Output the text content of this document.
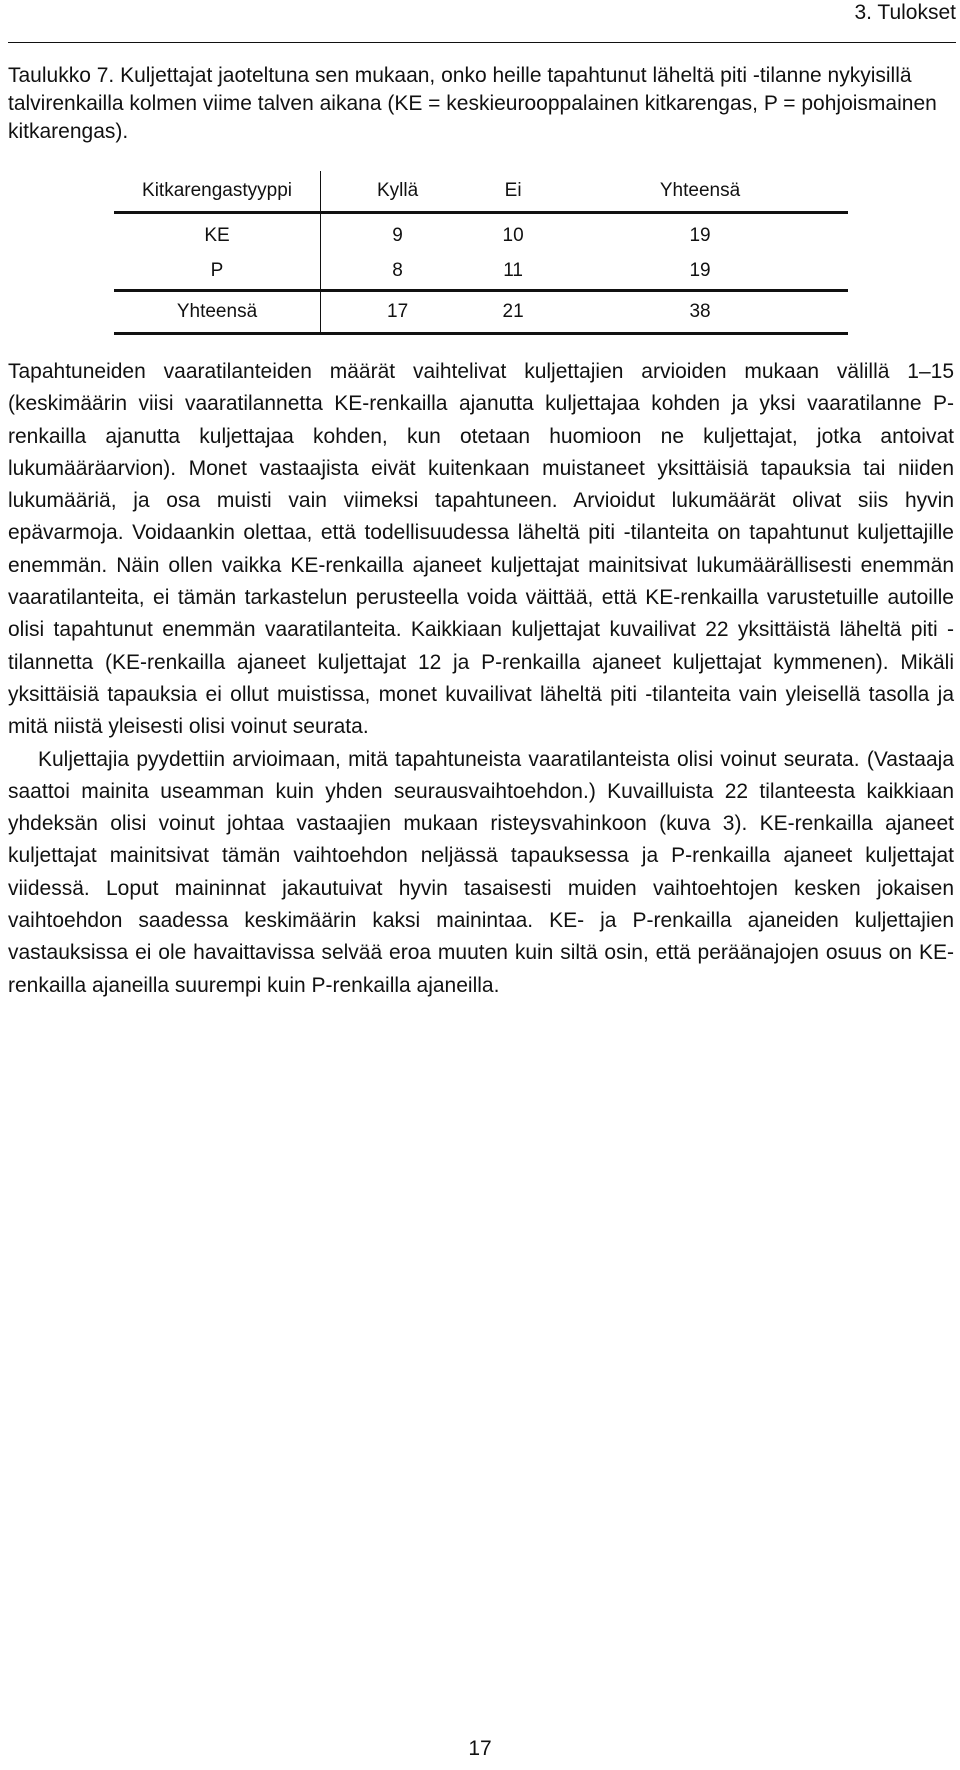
3. Tulokset
Taulukko 7. Kuljettajat jaoteltuna sen mukaan, onko heille tapahtunut läheltä piti -tilanne nykyisillä talvirenkailla kolmen viime talven aikana (KE = keskieurooppalainen kitkarengas, P = pohjoismainen kitkarengas).
Kitkarengastyyppi	Kyllä	Ei	Yhteensä
KE	9	10	19
P	8	11	19
Yhteensä	17	21	38

Tapahtuneiden vaaratilanteiden määrät vaihtelivat kuljettajien arvioiden mukaan välillä 1–15 (keskimäärin viisi vaaratilannetta KE-renkailla ajanutta kuljettajaa kohden ja yksi vaaratilanne P-renkailla ajanutta kuljettajaa kohden, kun otetaan huomioon ne kuljettajat, jotka antoivat lukumääräarvion). Monet vastaajista eivät kuitenkaan muistaneet yksittäisiä tapauksia tai niiden lukumääriä, ja osa muisti vain viimeksi tapahtuneen. Arvioidut lukumäärät olivat siis hyvin epävarmoja. Voidaankin olettaa, että todellisuudessa läheltä piti -tilanteita on tapahtunut kuljettajille enemmän. Näin ollen vaikka KE-renkailla ajaneet kuljettajat mainitsivat lukumäärällisesti enemmän vaaratilanteita, ei tämän tarkastelun perusteella voida väittää, että KE-renkailla varustetuille autoille olisi tapahtunut enemmän vaaratilanteita. Kaikkiaan kuljettajat kuvailivat 22 yksittäistä läheltä piti -tilannetta (KE-renkailla ajaneet kuljettajat 12 ja P-renkailla ajaneet kuljettajat kymmenen). Mikäli yksittäisiä tapauksia ei ollut muistissa, monet kuvailivat läheltä piti -tilanteita vain yleisellä tasolla ja mitä niistä yleisesti olisi voinut seurata.

Kuljettajia pyydettiin arvioimaan, mitä tapahtuneista vaaratilanteista olisi voinut seurata. (Vastaaja saattoi mainita useamman kuin yhden seurausvaihtoehdon.) Kuvailluista 22 tilanteesta kaikkiaan yhdeksän olisi voinut johtaa vastaajien mukaan risteysvahinkoon (kuva 3). KE-renkailla ajaneet kuljettajat mainitsivat tämän vaihtoehdon neljässä tapauksessa ja P-renkailla ajaneet kuljettajat viidessä. Loput maininnat jakautuivat hyvin tasaisesti muiden vaihtoehtojen kesken jokaisen vaihtoehdon saadessa keskimäärin kaksi mainintaa. KE- ja P-renkailla ajaneiden kuljettajien vastauksissa ei ole havaittavissa selvää eroa muuten kuin siltä osin, että peräänajojen osuus on KE-renkailla ajaneilla suurempi kuin P-renkailla ajaneilla.

17
